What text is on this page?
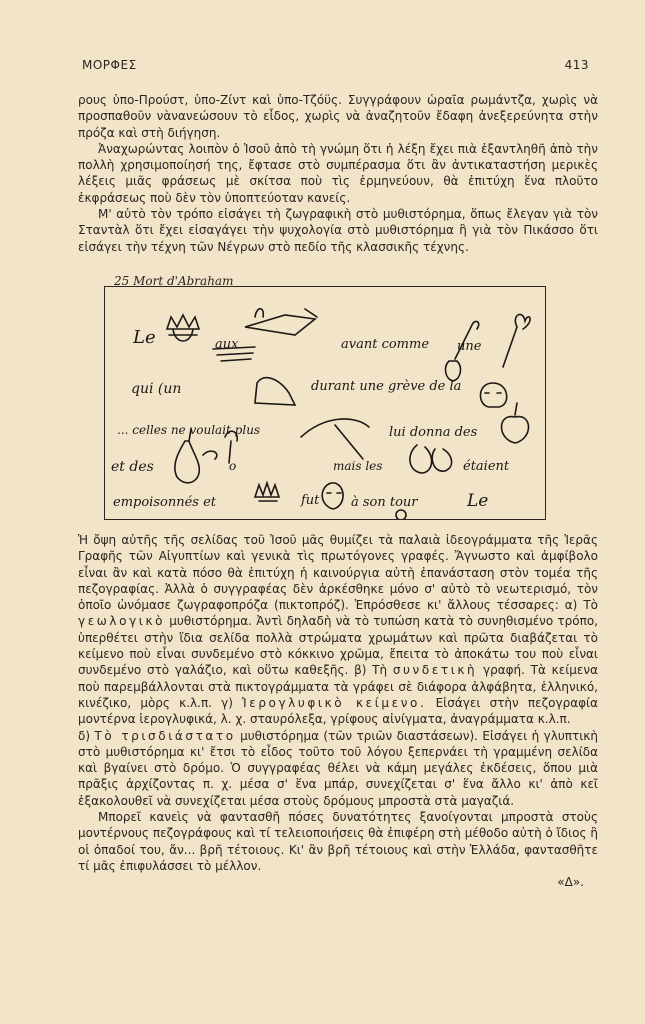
ΜΟΡΦΕΣ	413

ρους ὑπο-Προύστ, ὑπο-Ζίντ καὶ ὑπο-Τζόϋς. Συγγράφουν ὡραῖα ρωμάντζα, χωρὶς νὰ προσπαθοῦν νὰνανεώσουν τὸ εἶδος, χωρὶς νὰ ἀναζητοῦν ἔδαφη ἀνεξερεύνητα στὴν πρόζα καὶ στὴ διήγηση.

Ἀναχωρώντας λοιπὸν ὁ Ἰσοῦ ἀπὸ τὴ γνώμη ὅτι ἡ λέξη ἔχει πιὰ ἐξαντληθῆ ἀπὸ τὴν πολλὴ χρησιμοποίησή της, ἔφτασε στὸ συμπέρασμα ὅτι ἂν ἀντικαταστήση μερικὲς λέξεις μιᾶς φράσεως μὲ σκίτσα ποὺ τὶς ἑρμηνεύουν, θὰ ἐπιτύχη ἕνα πλοῦτο ἐκφράσεως ποὺ δὲν τὸν ὑποπτεύοταν κανείς.

Μ' αὐτὸ τὸν τρόπο εἰσάγει τὴ ζωγραφικὴ στὸ μυθιστόρημα, ὅπως ἔλεγαν γιὰ τὸν Σταντὰλ ὅτι ἔχει εἰσαγάγει τὴν ψυχολογία στὸ μυθιστόρημα ἢ γιὰ τὸν Πικάσσο ὅτι εἰσάγει τὴν τέχνη τῶν Νέγρων στὸ πεδίο τῆς κλασσικῆς τέχνης.

25 Mort d'Abraham
Le	aux	avant comme une
qui (un	durant une grève de la
... celles ne voulait plus	lui donna des
et des	o	mais les	étaient
empoisonnés et	fut à son tour	Le

Ἡ ὄψη αὐτῆς τῆς σελίδας τοῦ Ἰσοῦ μᾶς θυμίζει τὰ παλαιὰ ἰδεογράμματα τῆς Ἱερᾶς Γραφῆς τῶν Αἰγυπτίων καὶ γενικὰ τὶς πρωτόγονες γραφές. Ἄγνωστο καὶ ἀμφίβολο εἶναι ἂν καὶ κατὰ πόσο θὰ ἐπιτύχη ἡ καινούργια αὐτὴ ἐπανάσταση στὸν τομέα τῆς πεζογραφίας. Ἀλλὰ ὁ συγγραφέας δὲν ἀρκέσθηκε μόνο σ' αὐτὸ τὸ νεωτερισμό, τὸν ὁποῖο ὠνόμασε ζωγραφοπρόζα (πικτοπρόζ). Ἐπρόσθεσε κι' ἄλλους τέσσαρες: α) Τὸ γεωλογικὸ μυθιστόρημα. Ἀντὶ δηλαδὴ νὰ τὸ τυπώση κατὰ τὸ συνηθισμένο τρόπο, ὑπερθέτει στὴν ἴδια σελίδα πολλὰ στρώματα χρωμάτων καὶ πρῶτα διαβάζεται τὸ κείμενο ποὺ εἶναι συνδεμένο στὸ κόκκινο χρῶμα, ἔπειτα τὸ ἀποκάτω του ποὺ εἶναι συνδεμένο στὸ γαλάζιο, καὶ οὕτω καθεξῆς. β) Τὴ συνδετικὴ γραφή. Τὰ κείμενα ποὺ παρεμβάλλονται στὰ πικτογράμματα τὰ γράφει σὲ διάφορα ἀλφάβητα, ἑλληνικό, κινέζικο, μὸρς κ.λ.π. γ) Ἱερογλυφικὸ κείμενο. Εἰσάγει στὴν πεζογραφία μοντέρνα ἱερογλυφικά, λ. χ. σταυρόλεξα, γρίφους αἰνίγματα, ἀναγράμματα κ.λ.π.

δ) Τὸ τρισδιάστατο μυθιστόρημα (τῶν τριῶν διαστάσεων). Εἰσάγει ἡ γλυπτικὴ στὸ μυθιστόρημα κι' ἔτσι τὸ εἶδος τοῦτο τοῦ λόγου ξεπερνάει τὴ γραμμένη σελίδα καὶ βγαίνει στὸ δρόμο. Ὁ συγγραφέας θέλει νὰ κάμη μεγάλες ἐκδέσεις, ὅπου μιὰ πρᾶξις ἀρχίζοντας π. χ. μέσα σ' ἕνα μπάρ, συνεχίζεται σ' ἕνα ἄλλο κι' ἀπὸ κεῖ ἐξακολουθεῖ νὰ συνεχίζεται μέσα στοὺς δρόμους μπροστὰ στὰ μαγαζιά.

Μπορεῖ κανεὶς νὰ φαντασθῆ πόσες δυνατότητες ξανοίγονται μπροστὰ στοὺς μοντέρνους πεζογράφους καὶ τί τελειοποιήσεις θὰ ἐπιφέρη στὴ μέθοδο αὐτὴ ὁ ἴδιος ἢ οἱ ὀπαδοί του, ἄν... βρῆ τέτοιους. Κι' ἂν βρῆ τέτοιους καὶ στὴν Ἑλλάδα, φαντασθῆτε τί μᾶς ἐπιφυλάσσει τὸ μέλλον.

«Δ».
